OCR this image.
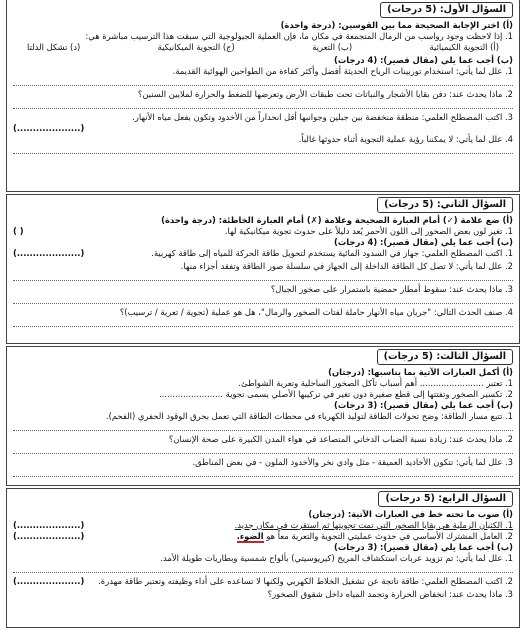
السؤال الأول: (5 درجات)
(أ) اختر الإجابة الصحيحة مما بين القوسين: (درجة واحدة)
1. إذا لاحظت وجود رواسب من الرمال المتجمعة في مكان ما، فإن العملية الجيولوجية التي سبقت هذا الترسيب مباشرة هي:
(أ) التجوية الكيميائية
(ب) التعرية
(ج) التجوية الميكانيكية
(د) تشكل الدلتا
(ب) أجب عما يلي (مقال قصير): (4 درجات)
1. علل لما يأتي: استخدام توربينات الرياح الحديثة أفضل وأكثر كفاءة من الطواحين الهوائية القديمة.
2. ماذا يحدث عند: دفن بقايا الأشجار والنباتات تحت طبقات الأرض وتعرضها للضغط والحرارة لملايين السنين؟
3. اكتب المصطلح العلمي: منطقة منخفضة بين جبلين وجوانبها أقل انحداراً من الأخدود وتكون بفعل مياه الأنهار.
(....................)
4. علل لما يأتي: لا يمكننا رؤية عملية التجوية أثناء حدوثها غالباً.
السؤال الثاني: (5 درجات)
(أ) ضع علامة (✓) أمام العبارة الصحيحة وعلامة (✗) أمام العبارة الخاطئة: (درجة واحدة)
1. تغير لون بعض الصخور إلى اللون الأحمر يُعد دليلاً على حدوث تجوية ميكانيكية لها.
( )
(ب) أجب عما يلي (مقال قصير): (4 درجات)
1. اكتب المصطلح العلمي: جهاز في السدود المائية يستخدم لتحويل طاقة الحركة للمياه إلى طاقة كهربية.
(....................)
2. علل لما يأتي: لا تصل كل الطاقة الداخلة إلى الجهاز في سلسلة صور الطاقة وتفقد أجزاء منها.
3. ماذا يحدث عند: سقوط أمطار حمضية باستمرار على صخور الجبال؟
4. صنف الحدث التالي: "جريان مياه الأنهار حاملة لفتات الصخور والرمال"، هل هو عملية (تجوية / تعرية / ترسيب)؟
السؤال الثالث: (5 درجات)
(أ) أكمل العبارات الآتية بما يناسبها: (درجتان)
1. تعتبر ........................ أهم أسباب تآكل الصخور الساحلية وتعرية الشواطئ.
2. تكسير الصخور وتفتتها إلى قطع صغيرة دون تغير في تركيبها الأصلي يسمى تجوية ........................
(ب) أجب عما يلي (مقال قصير): (3 درجات)
1. تتبع مسار الطاقة: وضح تحولات الطاقة لتوليد الكهرباء في محطات الطاقة التي تعمل بحرق الوقود الحفري (الفحم).
2. ماذا يحدث عند: زيادة نسبة الضباب الدخاني المتصاعد في هواء المدن الكبيرة على صحة الإنسان؟
3. علل لما يأتي: تتكون الأخاديد العميقة - مثل وادي نخر والأخدود الملون - في بعض المناطق.
السؤال الرابع: (5 درجات)
(أ) صوب ما تحته خط في العبارات الآتية: (درجتان)
1. الكثبان الرملية هي بقايا الصخور التي تمت تجويتها ثم استقرت في مكان جديد.
(....................)
2. العامل المشترك الأساسي في حدوث عمليتي التجوية والتعرية معاً هو الضوء.
(....................)
(ب) أجب عما يلي (مقال قصير): (3 درجات)
1. علل لما يأتي: تم تزويد عربات استكشاف المريخ (كيريوسيتي) بألواح شمسية وبطاريات طويلة الأمد.
2. اكتب المصطلح العلمي: طاقة ناتجة عن تشغيل الخلاط الكهربي ولكنها لا تساعده على أداء وظيفته وتعتبر طاقة مهدرة.
(....................)
3. ماذا يحدث عند: انخفاض الحرارة وتجمد المياه داخل شقوق الصخور؟
